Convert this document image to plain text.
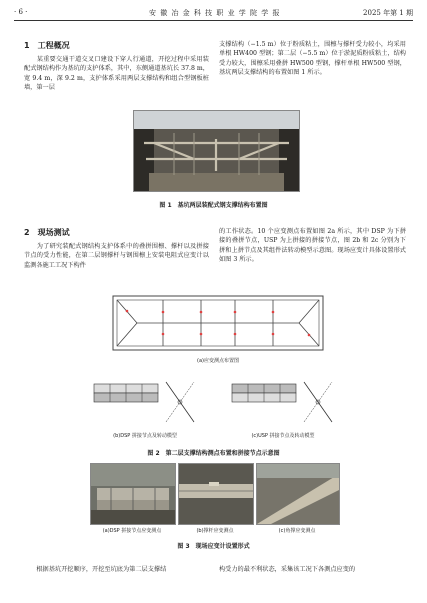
· 6 ·	安 徽 冶 金 科 技 职 业 学 院 学 报	2025 年第 1 期
1　工程概况

　　某重要交通干道交叉口建设下穿人行通道，开挖过程中采用装配式钢结构作为基坑的支护体系，其中，东侧通道基坑长 37.8 m，宽 9.4 m，深 9.2 m，支护体系采用两层支撑结构和组合型钢板桩墙，第一层

支撑结构（−1.5 m）位于粉质粘土，围檩与撑杆受力较小，均采用单根 HW400 型钢；第二层（−5.5 m）位于淤泥质粉质粘土，结构受力较大，围檩采用叠拼 HW500 型钢，撑杆单根 HW500 型钢，基坑两层支撑结构的布置如图 1 所示。

图 1　基坑两层装配式钢支撑结构布置图
2　现场测试

　　为了研究装配式钢结构支护体系中的叠拼围檩、撑杆以及拼接节点的受力性能，在第二层钢撑杆与钢围檩上安装电阻式应变计以监测各施工工况下构件

的工作状态。10 个应变测点布置如图 2a 所示，其中 DSP 为下拼接的叠拼节点，USP 为上拼接的拼接节点，图 2b 和 2c 分别为下拼和上拼节点及其组件法转动模型示意图。现场应变计具体设置形式如图 3 所示。

(a)应变测点布置图
(b)DSP 拼接节点及转动模型	(c)USP 拼接节点及转动模型
图 2　第二层支撑结构测点布置和拼接节点示意图
(a)DSP 拼接节点应变测点	(b)撑杆应变测点	(c)角撑应变测点
图 3　现场应变计设置形式

　　根据基坑开挖顺序，开挖至坑底为第二层支撑结	构受力的最不利状态，采集该工况下各测点应变的
